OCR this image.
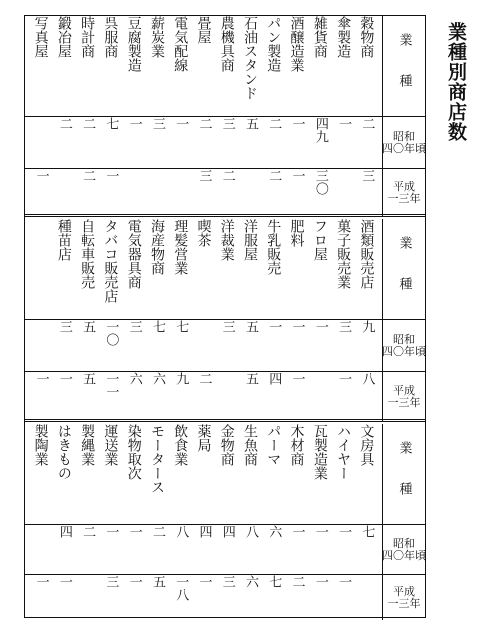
業種別商店数
業 種
穀物商
傘製造
雑貨商
酒醸造業
パン製造
石油スタンド
農機具商
畳屋
電気配線
薪炭業
豆腐製造
呉服商
時計商
鍛冶屋
写真屋
昭和
四〇年頃
二
一
四九
一
二
五
三
二
一
三
一
七
二
二
平成
一三年
三
三〇
一
二
二
三
一
二
一
業 種
酒類販売店
菓子販売業
フロ屋
肥料
牛乳販売
洋服屋
洋裁業
喫茶
理髪営業
海産物商
電気器具商
タバコ販売店
自転車販売
種苗店
昭和
四〇年頃
九
三
一
一
一
五
三
七
七
三
一〇
五
三
平成
一三年
八
一
一
四
五
二
九
六
六
一一
五
一
一
業 種
文房具
ハイヤー
瓦製造業
木材商
パーマ
生魚商
金物商
薬局
飲食業
モータース
染物取次
運送業
製縄業
はきもの
製陶業
昭和
四〇年頃
七
一
一
一
六
八
四
四
八
二
一
一
二
四
平成
一三年
一
一
二
七
六
三
一
一八
五
一
三
一
一
